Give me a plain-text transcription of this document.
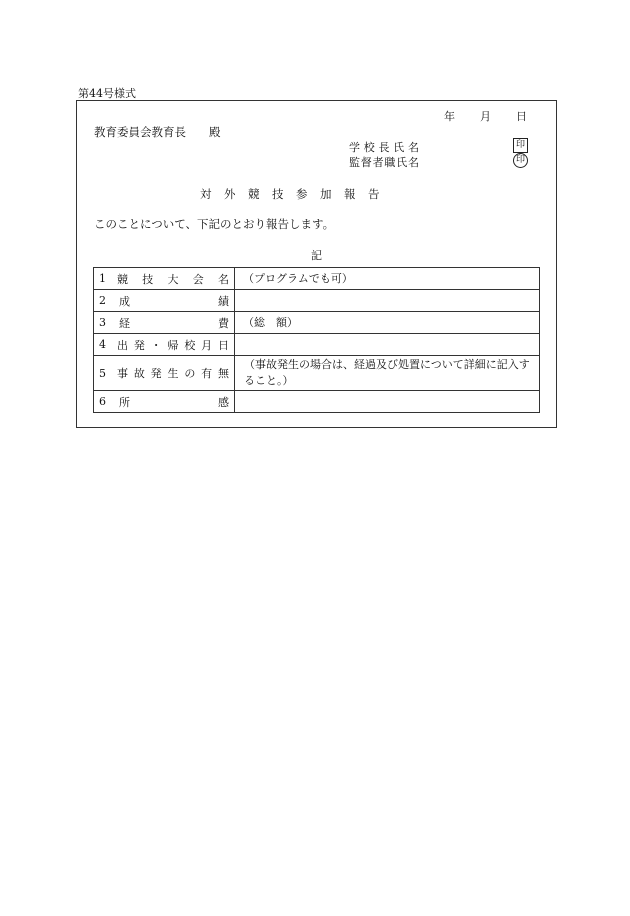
第44号様式
年 月 日
教育委員会教育長　　殿
学校長氏名	印
監督者職氏名	印
対外競技参加報告
このことについて、下記のとおり報告します。
記
1 競技大会名	（プログラムでも可）

2 成 績	

3 経 費	（総　額）

4 出発・帰校月日	

5 事故発生の有無	（事故発生の場合は、経過及び処置について詳細に記入すること。）

6 所 感	
